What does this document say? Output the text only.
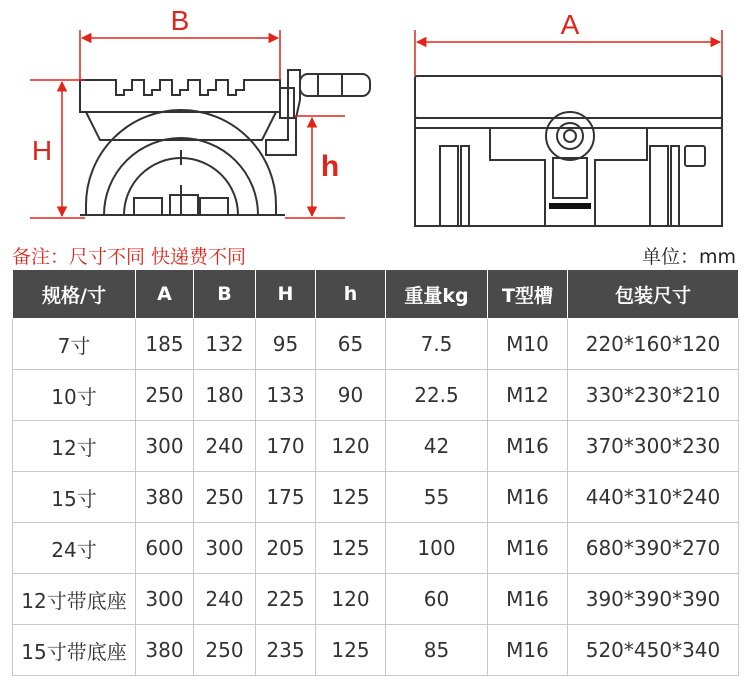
B
H	h
A
备注：尺寸不同 快递费不同	单位：mm
规格/寸	A	B	H	h	重量kg	T型槽	包装尺寸
7寸	185	132	95	65	7.5	M10	220*160*120
10寸	250	180	133	90	22.5	M12	330*230*210
12寸	300	240	170	120	42	M16	370*300*230
15寸	380	250	175	125	55	M16	440*310*240
24寸	600	300	205	125	100	M16	680*390*270
12寸带底座	300	240	225	120	60	M16	390*390*390
15寸带底座	380	250	235	125	85	M16	520*450*340
